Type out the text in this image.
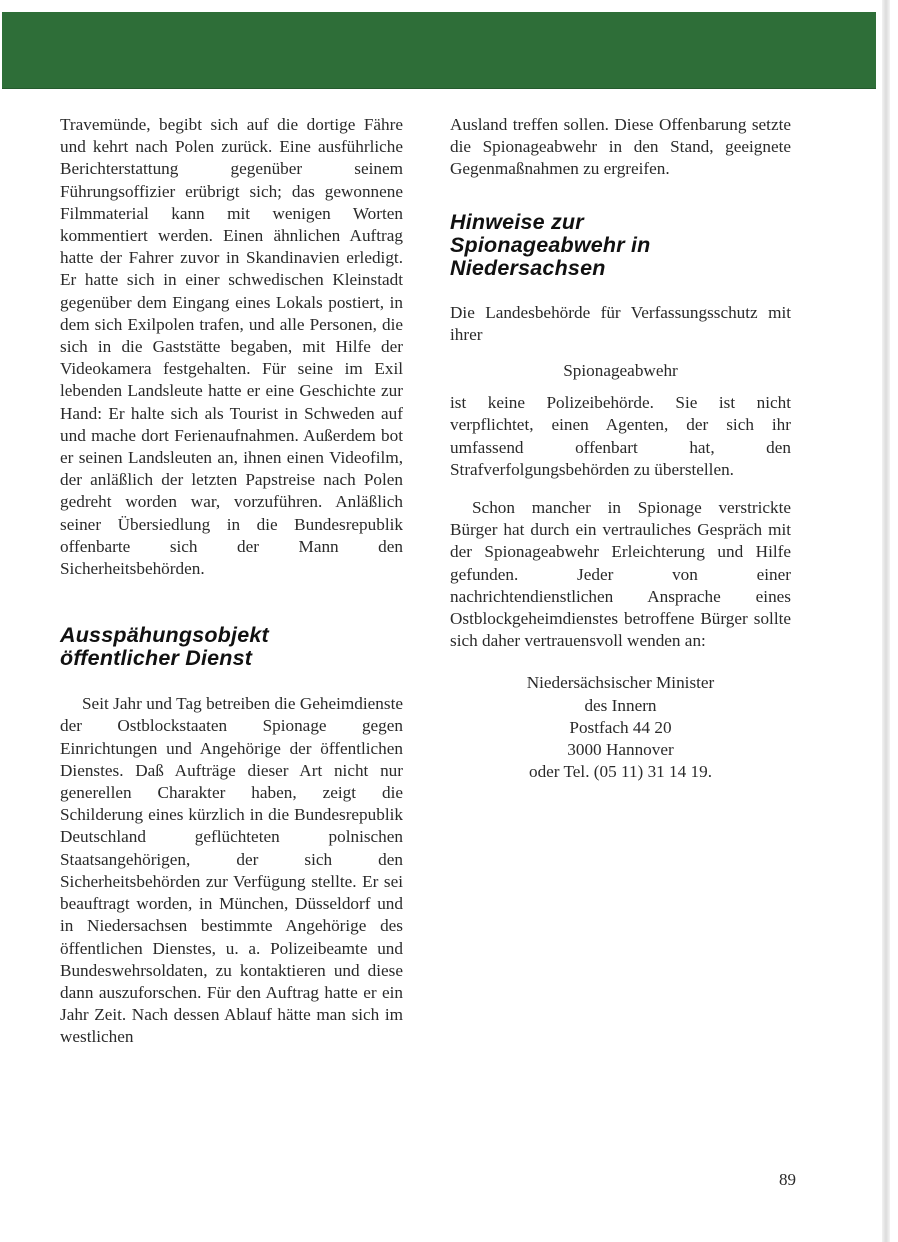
Travemünde, begibt sich auf die dortige Fähre und kehrt nach Polen zurück. Eine ausführliche Berichterstattung gegenüber seinem Führungsoffizier erübrigt sich; das gewonnene Filmmaterial kann mit wenigen Worten kommentiert werden. Einen ähnlichen Auftrag hatte der Fahrer zuvor in Skandinavien erledigt. Er hatte sich in einer schwedischen Kleinstadt gegenüber dem Eingang eines Lokals postiert, in dem sich Exilpolen trafen, und alle Personen, die sich in die Gaststätte begaben, mit Hilfe der Videokamera festgehalten. Für seine im Exil lebenden Landsleute hatte er eine Geschichte zur Hand: Er halte sich als Tourist in Schweden auf und mache dort Ferienaufnahmen. Außerdem bot er seinen Landsleuten an, ihnen einen Videofilm, der anläßlich der letzten Papstreise nach Polen gedreht worden war, vorzuführen. Anläßlich seiner Übersiedlung in die Bundesrepublik offenbarte sich der Mann den Sicherheitsbehörden.

Ausspähungsobjekt
öffentlicher Dienst

Seit Jahr und Tag betreiben die Geheimdienste der Ostblockstaaten Spionage gegen Einrichtungen und Angehörige der öffentlichen Dienstes. Daß Aufträge dieser Art nicht nur generellen Charakter haben, zeigt die Schilderung eines kürzlich in die Bundesrepublik Deutschland geflüchteten polnischen Staatsangehörigen, der sich den Sicherheitsbehörden zur Verfügung stellte. Er sei beauftragt worden, in München, Düsseldorf und in Niedersachsen bestimmte Angehörige des öffentlichen Dienstes, u. a. Polizeibeamte und Bundeswehrsoldaten, zu kontaktieren und diese dann auszuforschen. Für den Auftrag hatte er ein Jahr Zeit. Nach dessen Ablauf hätte man sich im westlichen

Ausland treffen sollen. Diese Offenbarung setzte die Spionageabwehr in den Stand, geeignete Gegenmaßnahmen zu ergreifen.

Hinweise zur
Spionageabwehr in
Niedersachsen

Die Landesbehörde für Verfassungsschutz mit ihrer

Spionageabwehr

ist keine Polizeibehörde. Sie ist nicht verpflichtet, einen Agenten, der sich ihr umfassend offenbart hat, den Strafverfolgungsbehörden zu überstellen.

Schon mancher in Spionage verstrickte Bürger hat durch ein vertrauliches Gespräch mit der Spionageabwehr Erleichterung und Hilfe gefunden. Jeder von einer nachrichtendienstlichen Ansprache eines Ostblockgeheimdienstes betroffene Bürger sollte sich daher vertrauensvoll wenden an:

Niedersächsischer Minister
des Innern
Postfach 44 20
3000 Hannover
oder Tel. (05 11) 31 14 19.
89
